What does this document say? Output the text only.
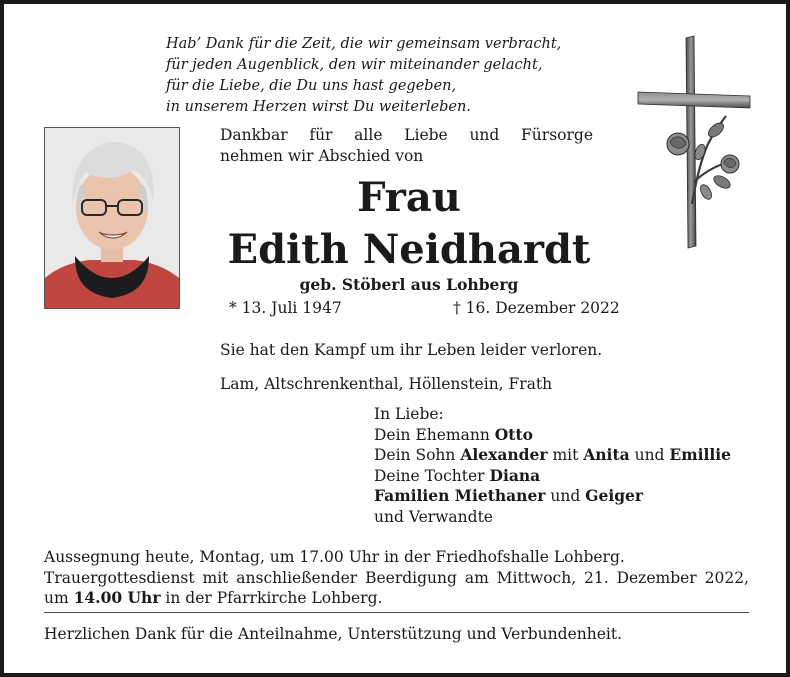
Hab’ Dank für die Zeit, die wir gemeinsam verbracht,
für jeden Augenblick, den wir miteinander gelacht,
für die Liebe, die Du uns hast gegeben,
in unserem Herzen wirst Du weiterleben.
Dankbar für alle Liebe und Fürsorge
nehmen wir Abschied von
Frau
Edith Neidhardt
geb. Stöberl aus Lohberg
* 13. Juli 1947	† 16. Dezember 2022
Sie hat den Kampf um ihr Leben leider verloren.
Lam, Altschrenkenthal, Höllenstein, Frath
In Liebe:
Dein Ehemann Otto
Dein Sohn Alexander mit Anita und Emillie
Deine Tochter Diana
Familien Miethaner und Geiger
und Verwandte
Aussegnung heute, Montag, um 17.00 Uhr in der Friedhofshalle Lohberg.
Trauergottesdienst mit anschließender Beerdigung am Mittwoch, 21. Dezember 2022, um 14.00 Uhr in der Pfarrkirche Lohberg.
Herzlichen Dank für die Anteilnahme, Unterstützung und Verbundenheit.
